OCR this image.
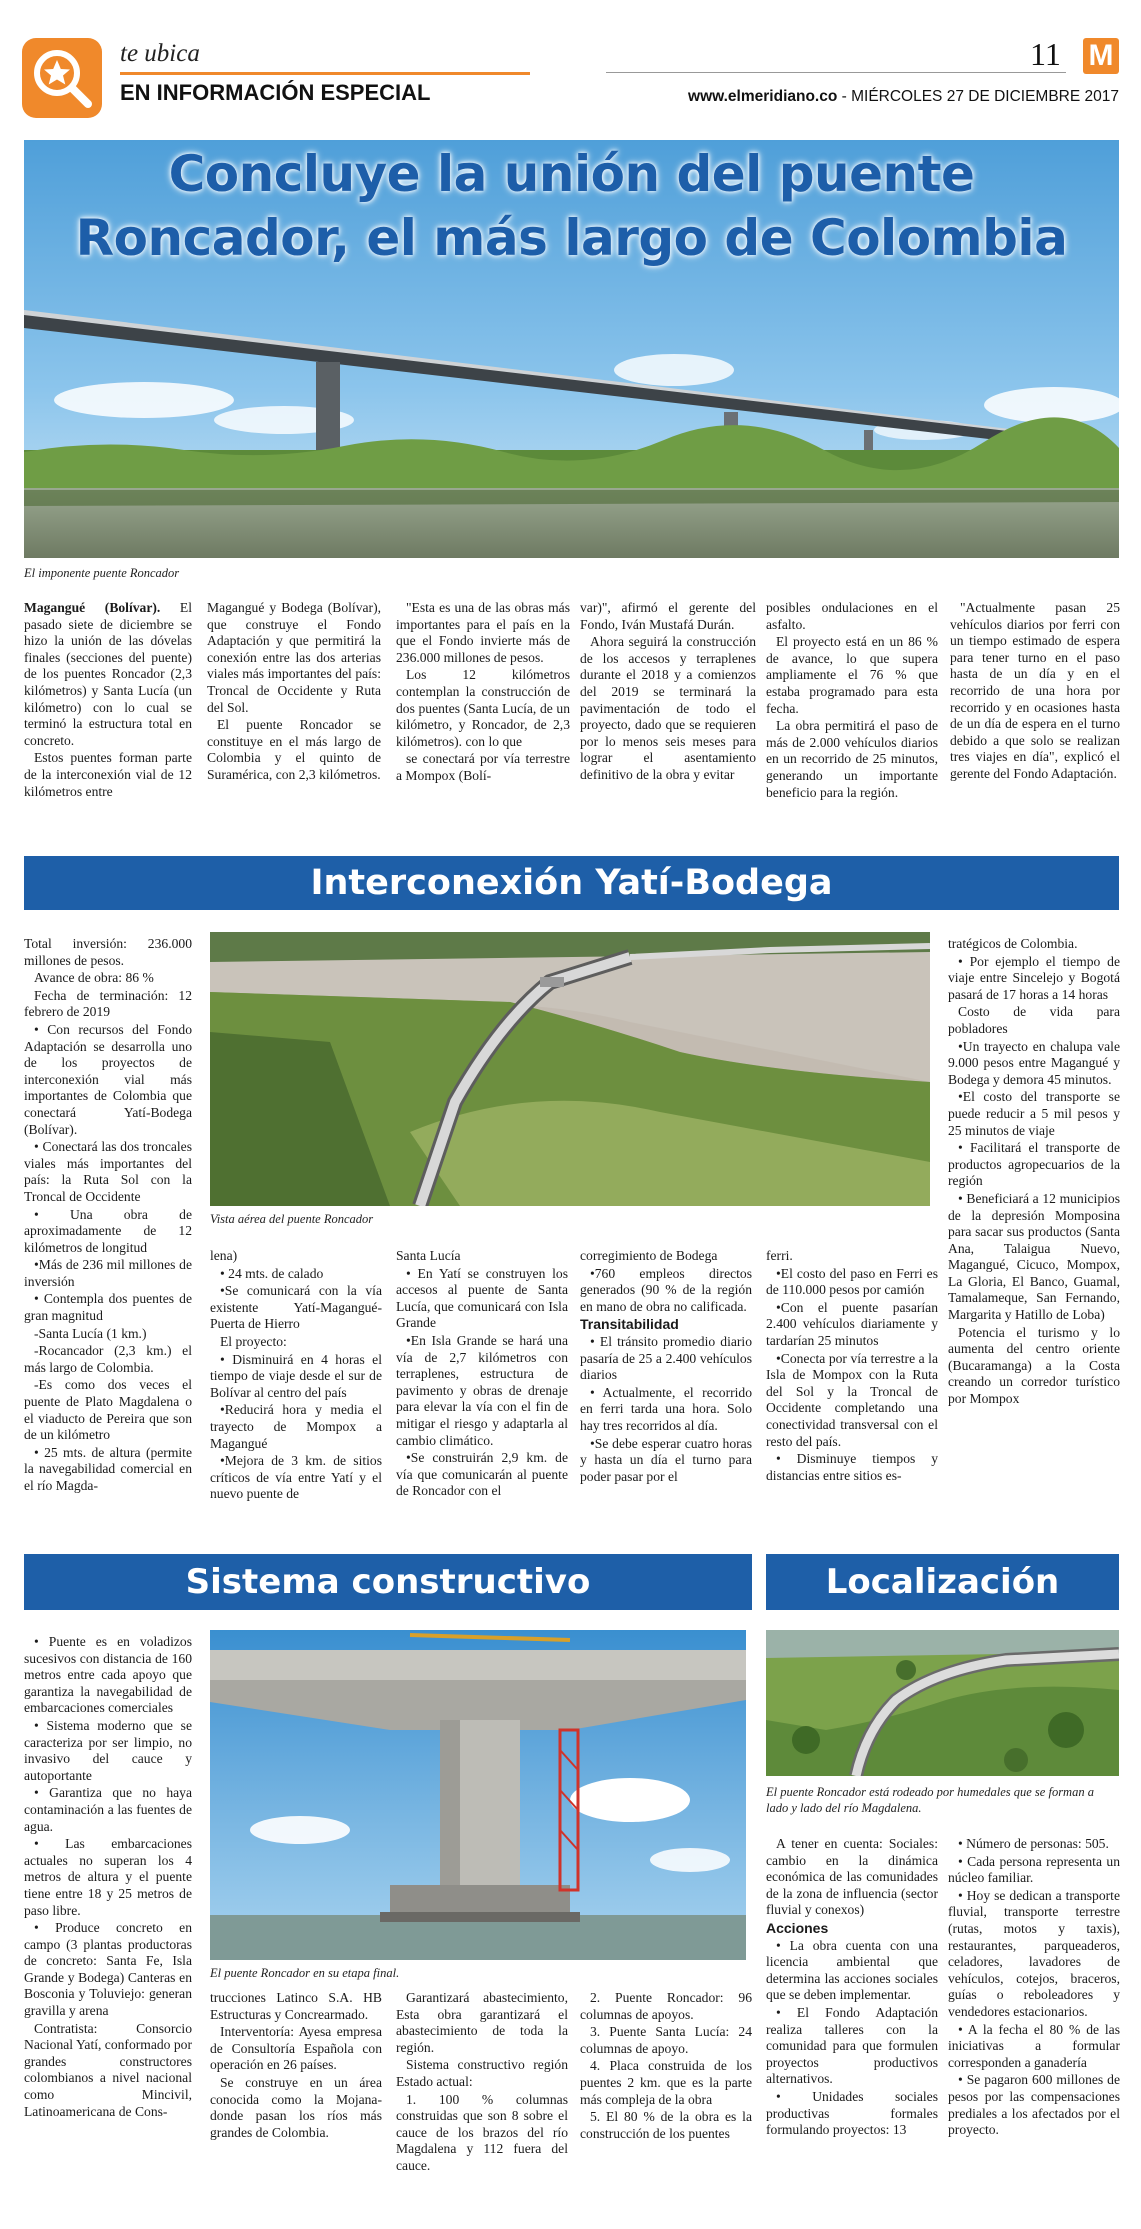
te ubica
EN INFORMACIÓN ESPECIAL
11 M
www.elmeridiano.co - MIÉRCOLES 27 DE DICIEMBRE 2017
Concluye la unión del puente
Roncador, el más largo de Colombia
El imponente puente Roncador

Magangué (Bolívar). El pasado siete de diciembre se hizo la unión de las dóvelas finales (secciones del puente) de los puentes Roncador (2,3 kilómetros) y Santa Lucía (un kilómetro) con lo cual se terminó la estructura total en concreto.

Estos puentes forman parte de la interconexión vial de 12 kilómetros entre

Magangué y Bodega (Bolívar), que construye el Fondo Adaptación y que permitirá la conexión entre las dos arterias viales más importantes del país: Troncal de Occidente y Ruta del Sol.

El puente Roncador se constituye en el más largo de Colombia y el quinto de Suramérica, con 2,3 kilómetros.

"Esta es una de las obras más importantes para el país en la que el Fondo invierte más de 236.000 millones de pesos.

Los 12 kilómetros contemplan la construcción de dos puentes (Santa Lucía, de un kilómetro, y Roncador, de 2,3 kilómetros). con lo que

se conectará por vía terrestre a Mompox (Bolí-

var)", afirmó el gerente del Fondo, Iván Mustafá Durán.

Ahora seguirá la construcción de los accesos y terraplenes durante el 2018 y a comienzos del 2019 se terminará la pavimentación de todo el proyecto, dado que se requieren por lo menos seis meses para lograr el asentamiento definitivo de la obra y evitar

posibles ondulaciones en el asfalto.

El proyecto está en un 86 % de avance, lo que supera ampliamente el 76 % que estaba programado para esta fecha.

La obra permitirá el paso de más de 2.000 vehículos diarios en un recorrido de 25 minutos, generando un importante beneficio para la región.

"Actualmente pasan 25 vehículos diarios por ferri con un tiempo estimado de espera para tener turno en el paso hasta de un día y en el recorrido de una hora por recorrido y en ocasiones hasta de un día de espera en el turno debido a que solo se realizan tres viajes en día", explicó el gerente del Fondo Adaptación.

Interconexión Yatí-Bodega

Total inversión: 236.000 millones de pesos.

Avance de obra: 86 %

Fecha de terminación: 12 febrero de 2019

• Con recursos del Fondo Adaptación se desarrolla uno de los proyectos de interconexión vial más importantes de Colombia que conectará Yatí-Bodega (Bolívar).

• Conectará las dos troncales viales más importantes del país: la Ruta Sol con la Troncal de Occidente

• Una obra de aproximadamente de 12 kilómetros de longitud

•Más de 236 mil millones de inversión

• Contempla dos puentes de gran magnitud

-Santa Lucía (1 km.)

-Rocancador (2,3 km.) el más largo de Colombia.

-Es como dos veces el puente de Plato Magdalena o el viaducto de Pereira que son de un kilómetro

• 25 mts. de altura (permite la navegabilidad comercial en el río Magda-

Vista aérea del puente Roncador

tratégicos de Colombia.

• Por ejemplo el tiempo de viaje entre Sincelejo y Bogotá pasará de 17 horas a 14 horas

Costo de vida para pobladores

•Un trayecto en chalupa vale 9.000 pesos entre Magangué y Bodega y demora 45 minutos.

•El costo del transporte se puede reducir a 5 mil pesos y 25 minutos de viaje

• Facilitará el transporte de productos agropecuarios de la región

• Beneficiará a 12 municipios de la depresión Momposina para sacar sus productos (Santa Ana, Talaigua Nuevo, Magangué, Cicuco, Mompox, La Gloria, El Banco, Guamal, Tamalameque, San Fernando, Margarita y Hatillo de Loba)

Potencia el turismo y lo aumenta del centro oriente (Bucaramanga) a la Costa creando un corredor turístico por Mompox

lena)

• 24 mts. de calado

•Se comunicará con la vía existente Yatí-Magangué-Puerta de Hierro

El proyecto:

• Disminuirá en 4 horas el tiempo de viaje desde el sur de Bolívar al centro del país

•Reducirá hora y media el trayecto de Mompox a Magangué

•Mejora de 3 km. de sitios críticos de vía entre Yatí y el nuevo puente de

Santa Lucía

• En Yatí se construyen los accesos al puente de Santa Lucía, que comunicará con Isla Grande

•En Isla Grande se hará una vía de 2,7 kilómetros con terraplenes, estructura de pavimento y obras de drenaje para elevar la vía con el fin de mitigar el riesgo y adaptarla al cambio climático.

•Se construirán 2,9 km. de vía que comunicarán al puente de Roncador con el

corregimiento de Bodega

•760 empleos directos generados (90 % de la región en mano de obra no calificada.

Transitabilidad

• El tránsito promedio diario pasaría de 25 a 2.400 vehículos diarios

• Actualmente, el recorrido en ferri tarda una hora. Solo hay tres recorridos al día.

•Se debe esperar cuatro horas y hasta un día el turno para poder pasar por el

ferri.

•El costo del paso en Ferri es de 110.000 pesos por camión

•Con el puente pasarían 2.400 vehículos diariamente y tardarían 25 minutos

•Conecta por vía terrestre a la Isla de Mompox con la Ruta del Sol y la Troncal de Occidente completando una conectividad transversal con el resto del país.

• Disminuye tiempos y distancias entre sitios es-

Sistema constructivo

• Puente es en voladizos sucesivos con distancia de 160 metros entre cada apoyo que garantiza la navegabilidad de embarcaciones comerciales

• Sistema moderno que se caracteriza por ser limpio, no invasivo del cauce y autoportante

• Garantiza que no haya contaminación a las fuentes de agua.

• Las embarcaciones actuales no superan los 4 metros de altura y el puente tiene entre 18 y 25 metros de paso libre.

• Produce concreto en campo (3 plantas productoras de concreto: Santa Fe, Isla Grande y Bodega) Canteras en Bosconia y Toluviejo: generan gravilla y arena

Contratista: Consorcio Nacional Yatí, conformado por grandes constructores colombianos a nivel nacional como Mincivil, Latinoamericana de Cons-

El puente Roncador en su etapa final.

trucciones Latinco S.A. HB Estructuras y Concrearmado.

Interventoría: Ayesa empresa de Consultoría Española con operación en 26 países.

Se construye en un área conocida como la Mojana-donde pasan los ríos más grandes de Colombia.

Garantizará abastecimiento, Esta obra garantizará el abastecimiento de toda la región.

Sistema constructivo región Estado actual:

1. 100 % columnas construidas que son 8 sobre el cauce de los brazos del río Magdalena y 112 fuera del cauce.

2. Puente Roncador: 96 columnas de apoyos.

3. Puente Santa Lucía: 24 columnas de apoyo.

4. Placa construida de los puentes 2 km. que es la parte más compleja de la obra

5. El 80 % de la obra es la construcción de los puentes

Localización
El puente Roncador está rodeado por humedales que se forman a lado y lado del río Magdalena.

A tener en cuenta: Sociales: cambio en la dinámica económica de las comunidades de la zona de influencia (sector fluvial y conexos)

Acciones

• La obra cuenta con una licencia ambiental que determina las acciones sociales que se deben implementar.

• El Fondo Adaptación realiza talleres con la comunidad para que formulen proyectos productivos alternativos.

• Unidades sociales productivas formales formulando proyectos: 13

• Número de personas: 505.

• Cada persona representa un núcleo familiar.

• Hoy se dedican a transporte fluvial, transporte terrestre (rutas, motos y taxis), restaurantes, parqueaderos, celadores, lavadores de vehículos, cotejos, braceros, guías o reboleadores y vendedores estacionarios.

• A la fecha el 80 % de las iniciativas a formular corresponden a ganadería

• Se pagaron 600 millones de pesos por las compensaciones prediales a los afectados por el proyecto.
